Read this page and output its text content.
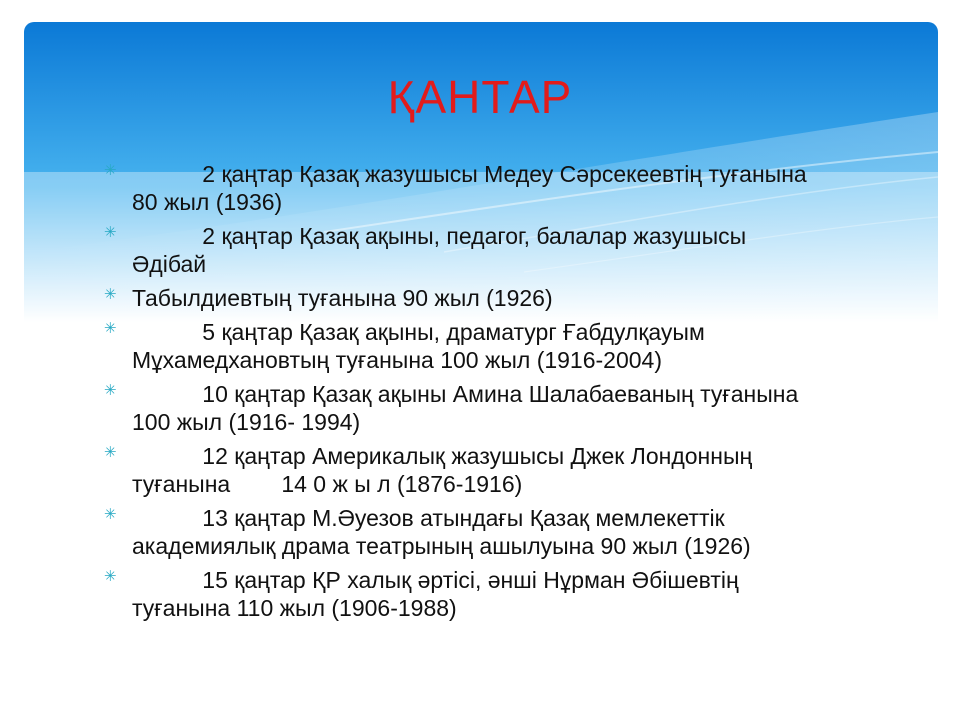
ҚАНТАР
✳ 2 қаңтар Қазақ жазушысы Медеу Сәрсекеевтің туғанына
80 жыл (1936)
✳ 2 қаңтар Қазақ ақыны, педагог, балалар жазушысы
Әдібай
✳ Табылдиевтың туғанына 90 жыл (1926)
✳ 5 қаңтар Қазақ ақыны, драматург Ғабдулқауым
Мұхамедхановтың туғанына 100 жыл (1916-2004)
✳ 10 қаңтар Қазақ ақыны Амина Шалабаеваның туғанына
100 жыл (1916- 1994)
✳ 12 қаңтар Америкалық жазушысы Джек Лондонның
туғанына        14 0 ж ы л (1876-1916)
✳ 13 қаңтар М.Әуезов атындағы Қазақ мемлекеттік
академиялық драма театрының ашылуына 90 жыл (1926)
✳ 15 қаңтар ҚР халық әртісі, әнші Нұрман Әбішевтің
туғанына 110 жыл (1906-1988)
